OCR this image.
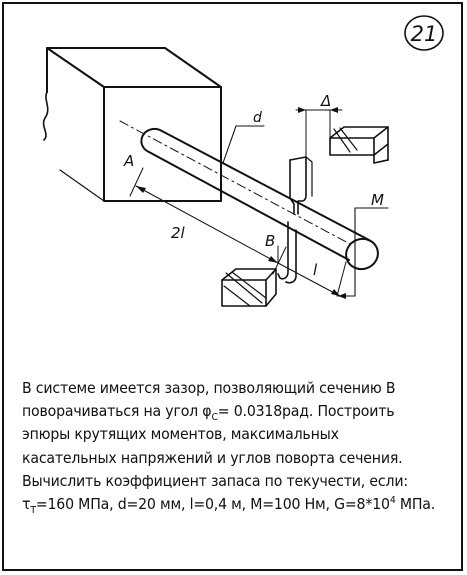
21
d
Δ
M
A
B
2l
l
В системе имеется зазор, позволяющий сечению В
поворачиваться на угол $\varphi_C= 0.0318рад$. Построить
эпюры крутящих моментов, максимальных
касательных напряжений и углов поворта сечения.
Вычислить коэффициент запаса по текучести, если:
$\tau_T=160$ МПа, d=20 мм, l=0,4 м, M=100 Нм, $G=8*10^4$ МПа.
